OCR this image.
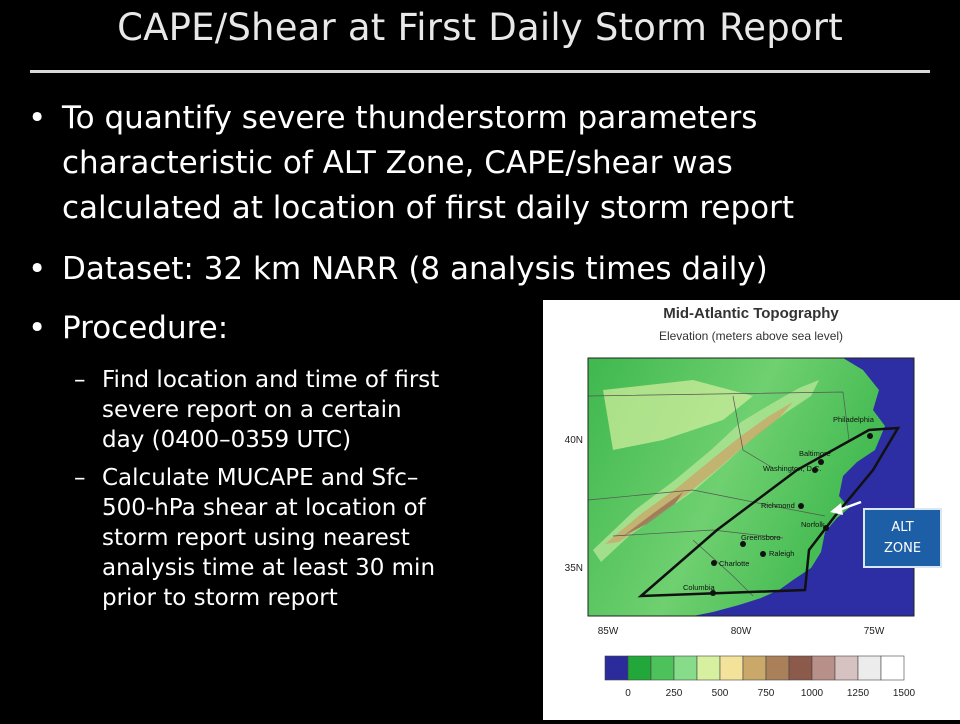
CAPE/Shear at First Daily Storm Report
• To quantify severe thunderstorm parameters
characteristic of ALT Zone, CAPE/shear was
calculated at location of first daily storm report
• Dataset: 32 km NARR (8 analysis times daily)
• Procedure:
– Find location and time of first
severe report on a certain
day (0400–0359 UTC)
– Calculate MUCAPE and Sfc–
500-hPa shear at location of
storm report using nearest
analysis time at least 30 min
prior to storm report
Mid-Atlantic Topography
Elevation (meters above sea level)
Philadelphia
Baltimore
Washington, D.C.
Richmond
Norfolk
Greensboro
Raleigh
Charlotte
Columbia
40N
35N
85W	80W	75W
0	250	500	750	1000 1250 1500
ALT
ZONE
